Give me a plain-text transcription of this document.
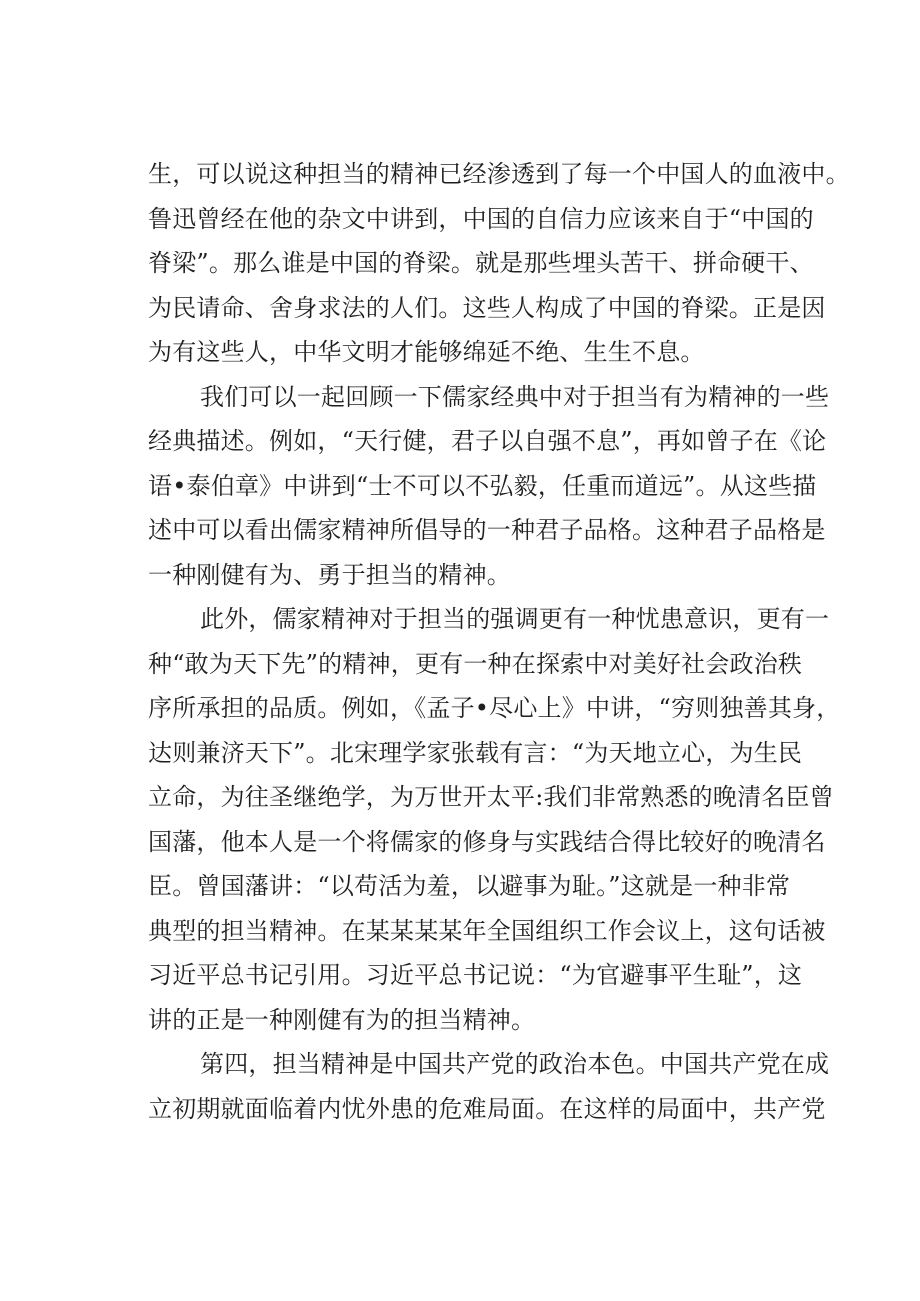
生，可以说这种担当的精神已经渗透到了每一个中国人的血液中。
鲁迅曾经在他的杂文中讲到，中国的自信力应该来自于“中国的
脊梁”。那么谁是中国的脊梁。就是那些埋头苦干、拼命硬干、
为民请命、舍身求法的人们。这些人构成了中国的脊梁。正是因
为有这些人，中华文明才能够绵延不绝、生生不息。
我们可以一起回顾一下儒家经典中对于担当有为精神的一些
经典描述。例如，“天行健，君子以自强不息”，再如曾子在《论
语•泰伯章》中讲到“士不可以不弘毅，任重而道远”。从这些描
述中可以看出儒家精神所倡导的一种君子品格。这种君子品格是
一种刚健有为、勇于担当的精神。
此外，儒家精神对于担当的强调更有一种忧患意识，更有一
种“敢为天下先”的精神，更有一种在探索中对美好社会政治秩
序所承担的品质。例如，《孟子•尽心上》中讲，“穷则独善其身，
达则兼济天下”。北宋理学家张载有言：“为天地立心，为生民
立命，为往圣继绝学，为万世开太平:我们非常熟悉的晚清名臣曾
国藩，他本人是一个将儒家的修身与实践结合得比较好的晚清名
臣。曾国藩讲：“以苟活为羞，以避事为耻。”这就是一种非常
典型的担当精神。在某某某某年全国组织工作会议上，这句话被
习近平总书记引用。习近平总书记说：“为官避事平生耻”，这
讲的正是一种刚健有为的担当精神。
第四，担当精神是中国共产党的政治本色。中国共产党在成
立初期就面临着内忧外患的危难局面。在这样的局面中，共产党
